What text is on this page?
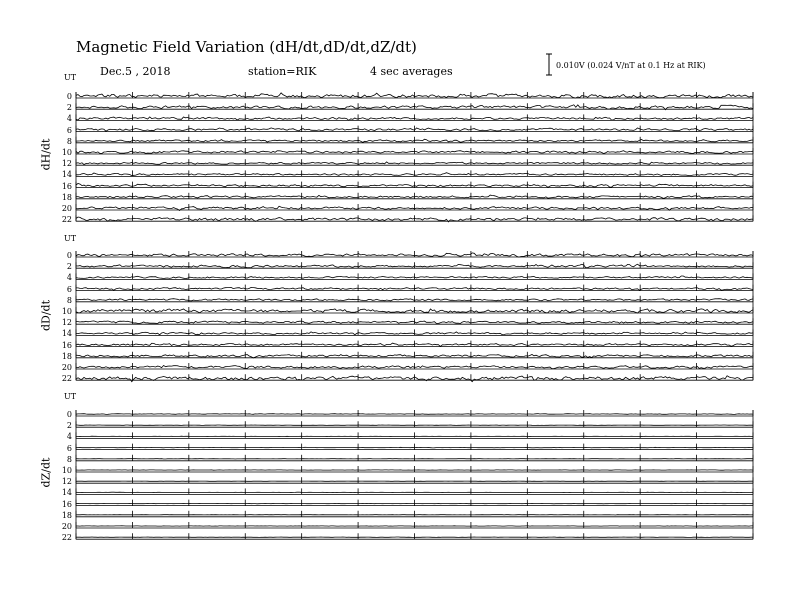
Magnetic Field Variation (dH/dt,dD/dt,dZ/dt)
Dec.5 , 2018	station=RIK	4 sec averages	0.010V (0.024 V/nT at 0.1 Hz at RIK)
UT
dH/dt
0
2
4
6
8
10
12
14
16
18
20
22
UT
dD/dt
0
2
4
6
8
10
12
14
16
18
20
22
UT
dZ/dt
0
2
4
6
8
10
12
14
16
18
20
22
